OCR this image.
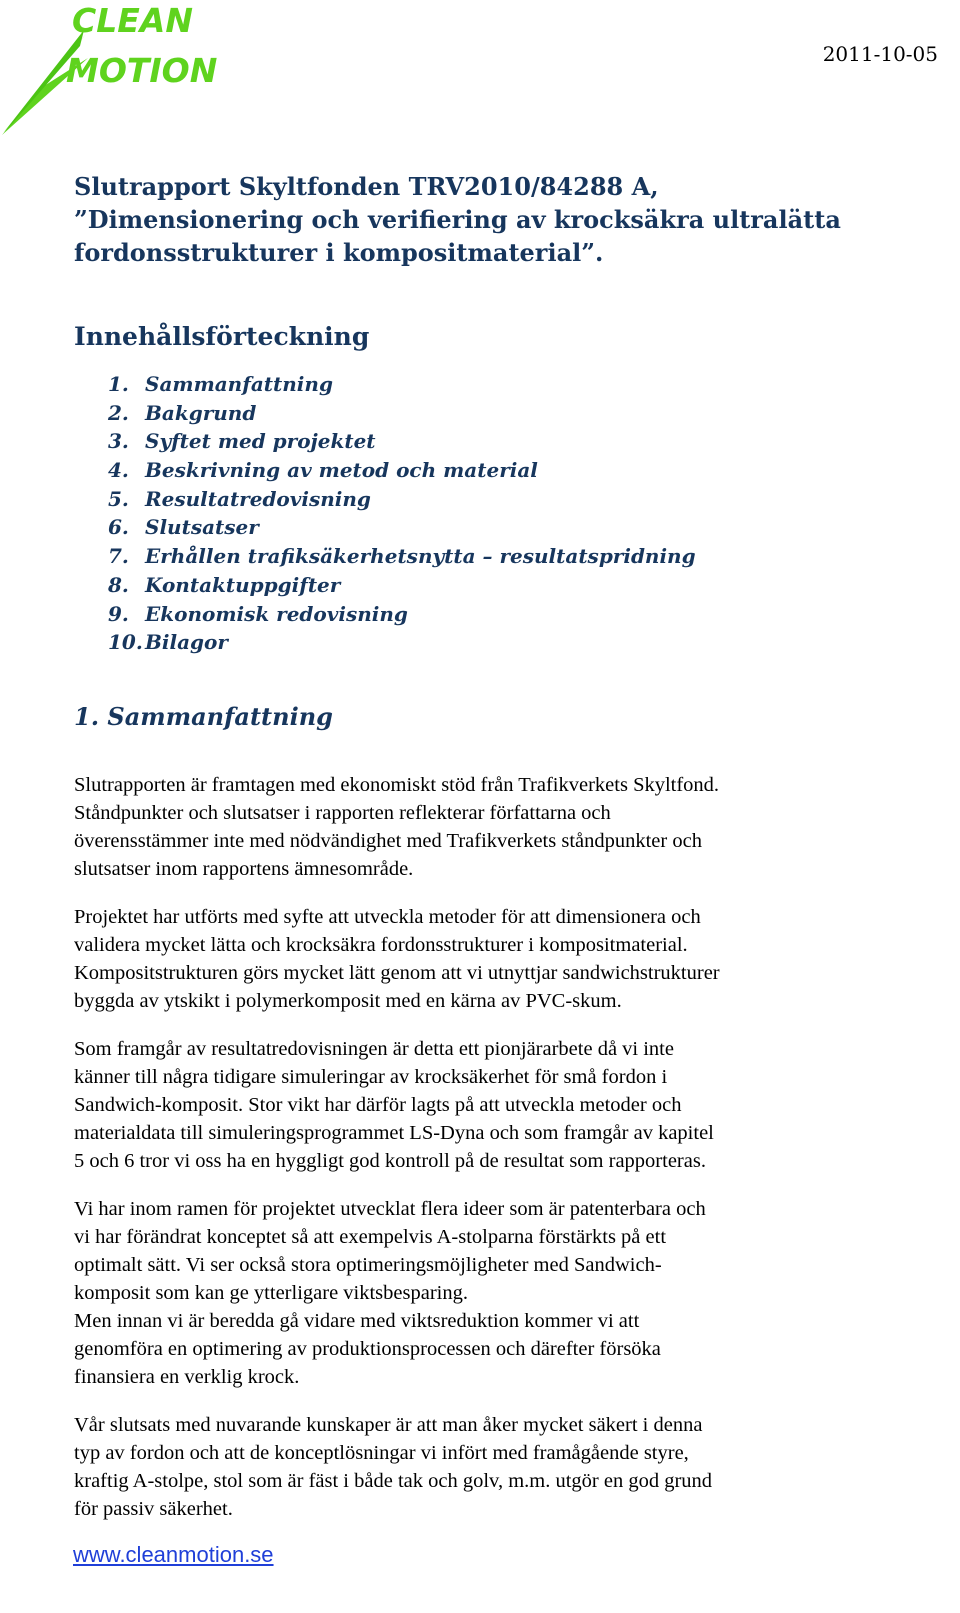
CLEAN
MOTION	2011-10-05
Slutrapport Skyltfonden TRV2010/84288 A,
”Dimensionering och verifiering av krocksäkra ultralätta
fordonsstrukturer i kompositmaterial”.
Innehållsförteckning
1. Sammanfattning
2. Bakgrund
3. Syftet med projektet
4. Beskrivning av metod och material
5. Resultatredovisning
6. Slutsatser
7. Erhållen trafiksäkerhetsnytta – resultatspridning
8. Kontaktuppgifter
9. Ekonomisk redovisning
10. Bilagor
1. Sammanfattning

Slutrapporten är framtagen med ekonomiskt stöd från Trafikverkets Skyltfond.
Ståndpunkter och slutsatser i rapporten reflekterar författarna och
överensstämmer inte med nödvändighet med Trafikverkets ståndpunkter och
slutsatser inom rapportens ämnesområde.

Projektet har utförts med syfte att utveckla metoder för att dimensionera och
validera mycket lätta och krocksäkra fordonsstrukturer i kompositmaterial.
Kompositstrukturen görs mycket lätt genom att vi utnyttjar sandwichstrukturer
byggda av ytskikt i polymerkomposit med en kärna av PVC-skum.

Som framgår av resultatredovisningen är detta ett pionjärarbete då vi inte
känner till några tidigare simuleringar av krocksäkerhet för små fordon i
Sandwich-komposit. Stor vikt har därför lagts på att utveckla metoder och
materialdata till simuleringsprogrammet LS-Dyna och som framgår av kapitel
5 och 6 tror vi oss ha en hyggligt god kontroll på de resultat som rapporteras.

Vi har inom ramen för projektet utvecklat flera ideer som är patenterbara och
vi har förändrat konceptet så att exempelvis A-stolparna förstärkts på ett
optimalt sätt. Vi ser också stora optimeringsmöjligheter med Sandwich-
komposit som kan ge ytterligare viktsbesparing.
Men innan vi är beredda gå vidare med viktsreduktion kommer vi att
genomföra en optimering av produktionsprocessen och därefter försöka
finansiera en verklig krock.

Vår slutsats med nuvarande kunskaper är att man åker mycket säkert i denna
typ av fordon och att de konceptlösningar vi infört med framågående styre,
kraftig A-stolpe, stol som är fäst i både tak och golv, m.m. utgör en god grund
för passiv säkerhet.

www.cleanmotion.se
